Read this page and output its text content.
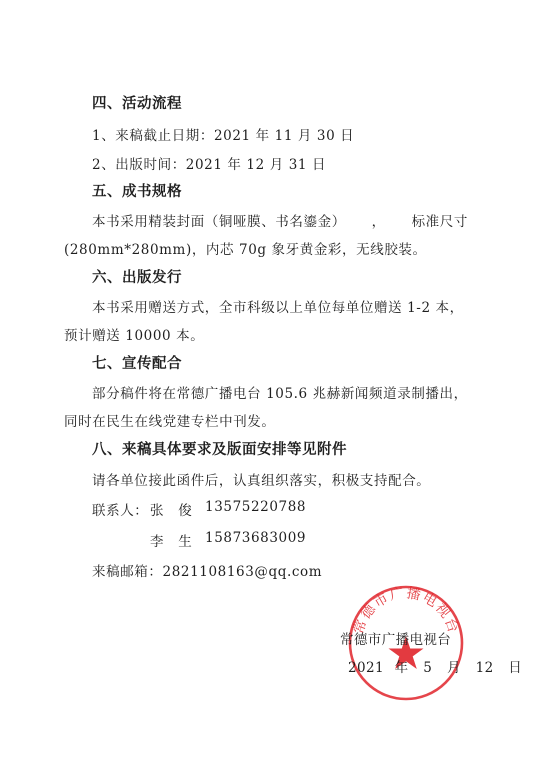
四、活动流程
1、来稿截止日期：2021 年 11 月 30 日
2、出版时间：2021 年 12 月 31 日
五、成书规格
本书采用精装封面（铜哑膜、书名鎏金） ， 标准尺寸
(280mm*280mm)，内芯 70g 象牙黄金彩，无线胶装。
六、出版发行
本书采用赠送方式，全市科级以上单位每单位赠送 1-2 本，
预计赠送 10000 本。
七、宣传配合
部分稿件将在常德广播电台 105.6 兆赫新闻频道录制播出，
同时在民生在线党建专栏中刊发。
八、来稿具体要求及版面安排等见附件
请各单位接此函件后，认真组织落实，积极支持配合。
联系人： 张　俊 13575220788
李　生 15873683009
来稿邮箱：2821108163@qq.com
常德市广播电视台
常德市广播电视台
2021 年 5 月 12 日
